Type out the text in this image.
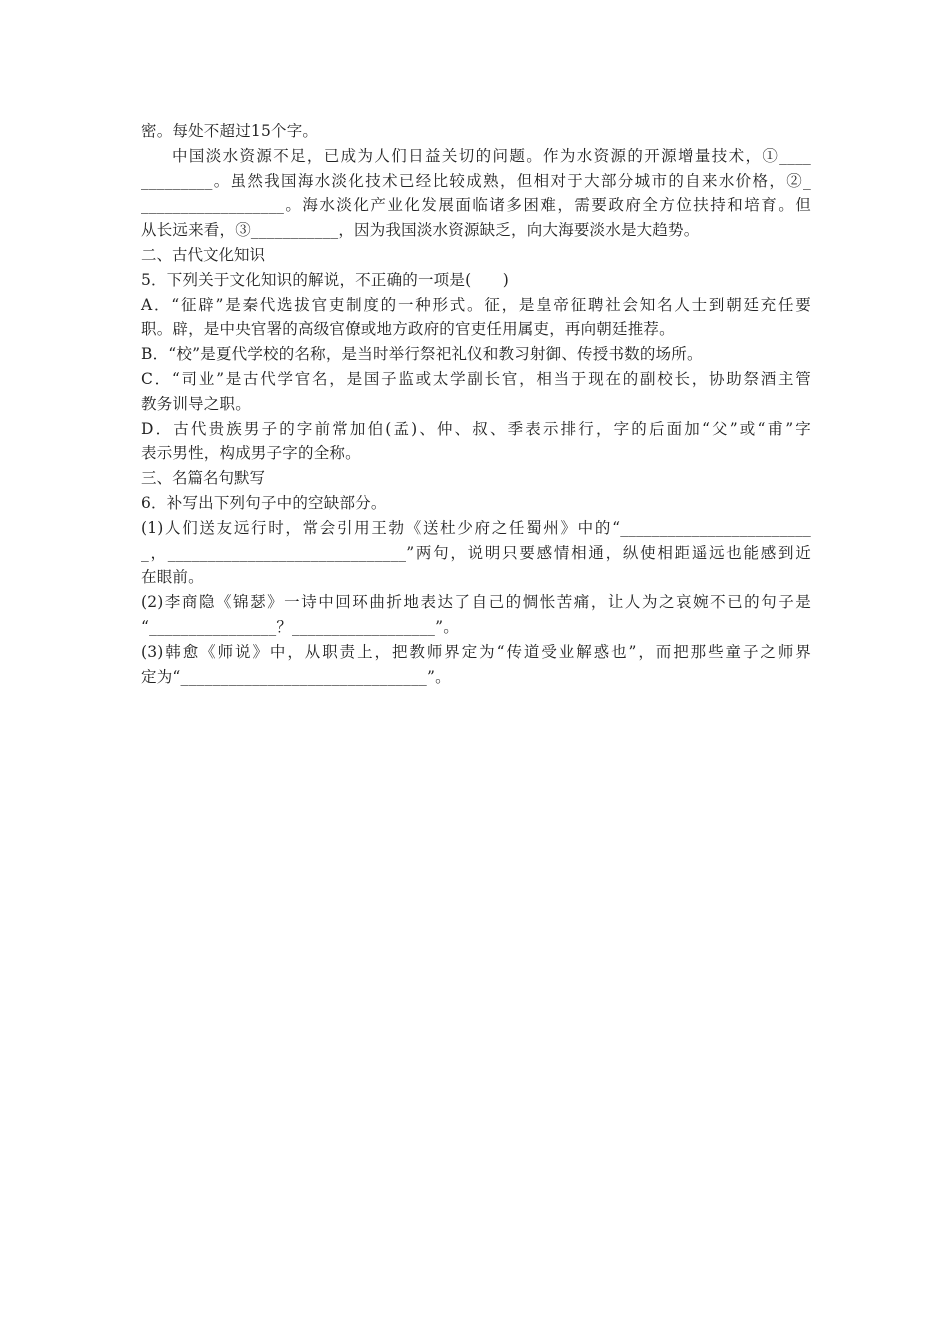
密。每处不超过15个字。
中国淡水资源不足，已成为人们日益关切的问题。作为水资源的开源增量技术，①____
_________。虽然我国海水淡化技术已经比较成熟，但相对于大部分城市的自来水价格，②_
__________________。海水淡化产业化发展面临诸多困难，需要政府全方位扶持和培育。但
从长远来看，③___________，因为我国淡水资源缺乏，向大海要淡水是大趋势。
二、古代文化知识
5．下列关于文化知识的解说，不正确的一项是(　　)
A．“征辟”是秦代选拔官吏制度的一种形式。征，是皇帝征聘社会知名人士到朝廷充任要
职。辟，是中央官署的高级官僚或地方政府的官吏任用属吏，再向朝廷推荐。
B．“校”是夏代学校的名称，是当时举行祭祀礼仪和教习射御、传授书数的场所。
C．“司业”是古代学官名，是国子监或太学副长官，相当于现在的副校长，协助祭酒主管
教务训导之职。
D．古代贵族男子的字前常加伯(孟)、仲、叔、季表示排行，字的后面加“父”或“甫”字
表示男性，构成男子字的全称。
三、名篇名句默写
6．补写出下列句子中的空缺部分。
(1)人们送友远行时，常会引用王勃《送杜少府之任蜀州》中的“________________________
_，______________________________”两句，说明只要感情相通，纵使相距遥远也能感到近
在眼前。
(2)李商隐《锦瑟》一诗中回环曲折地表达了自己的惆怅苦痛，让人为之哀婉不已的句子是
“________________？__________________”。
(3)韩愈《师说》中，从职责上，把教师界定为“传道受业解惑也”，而把那些童子之师界
定为“_______________________________”。
